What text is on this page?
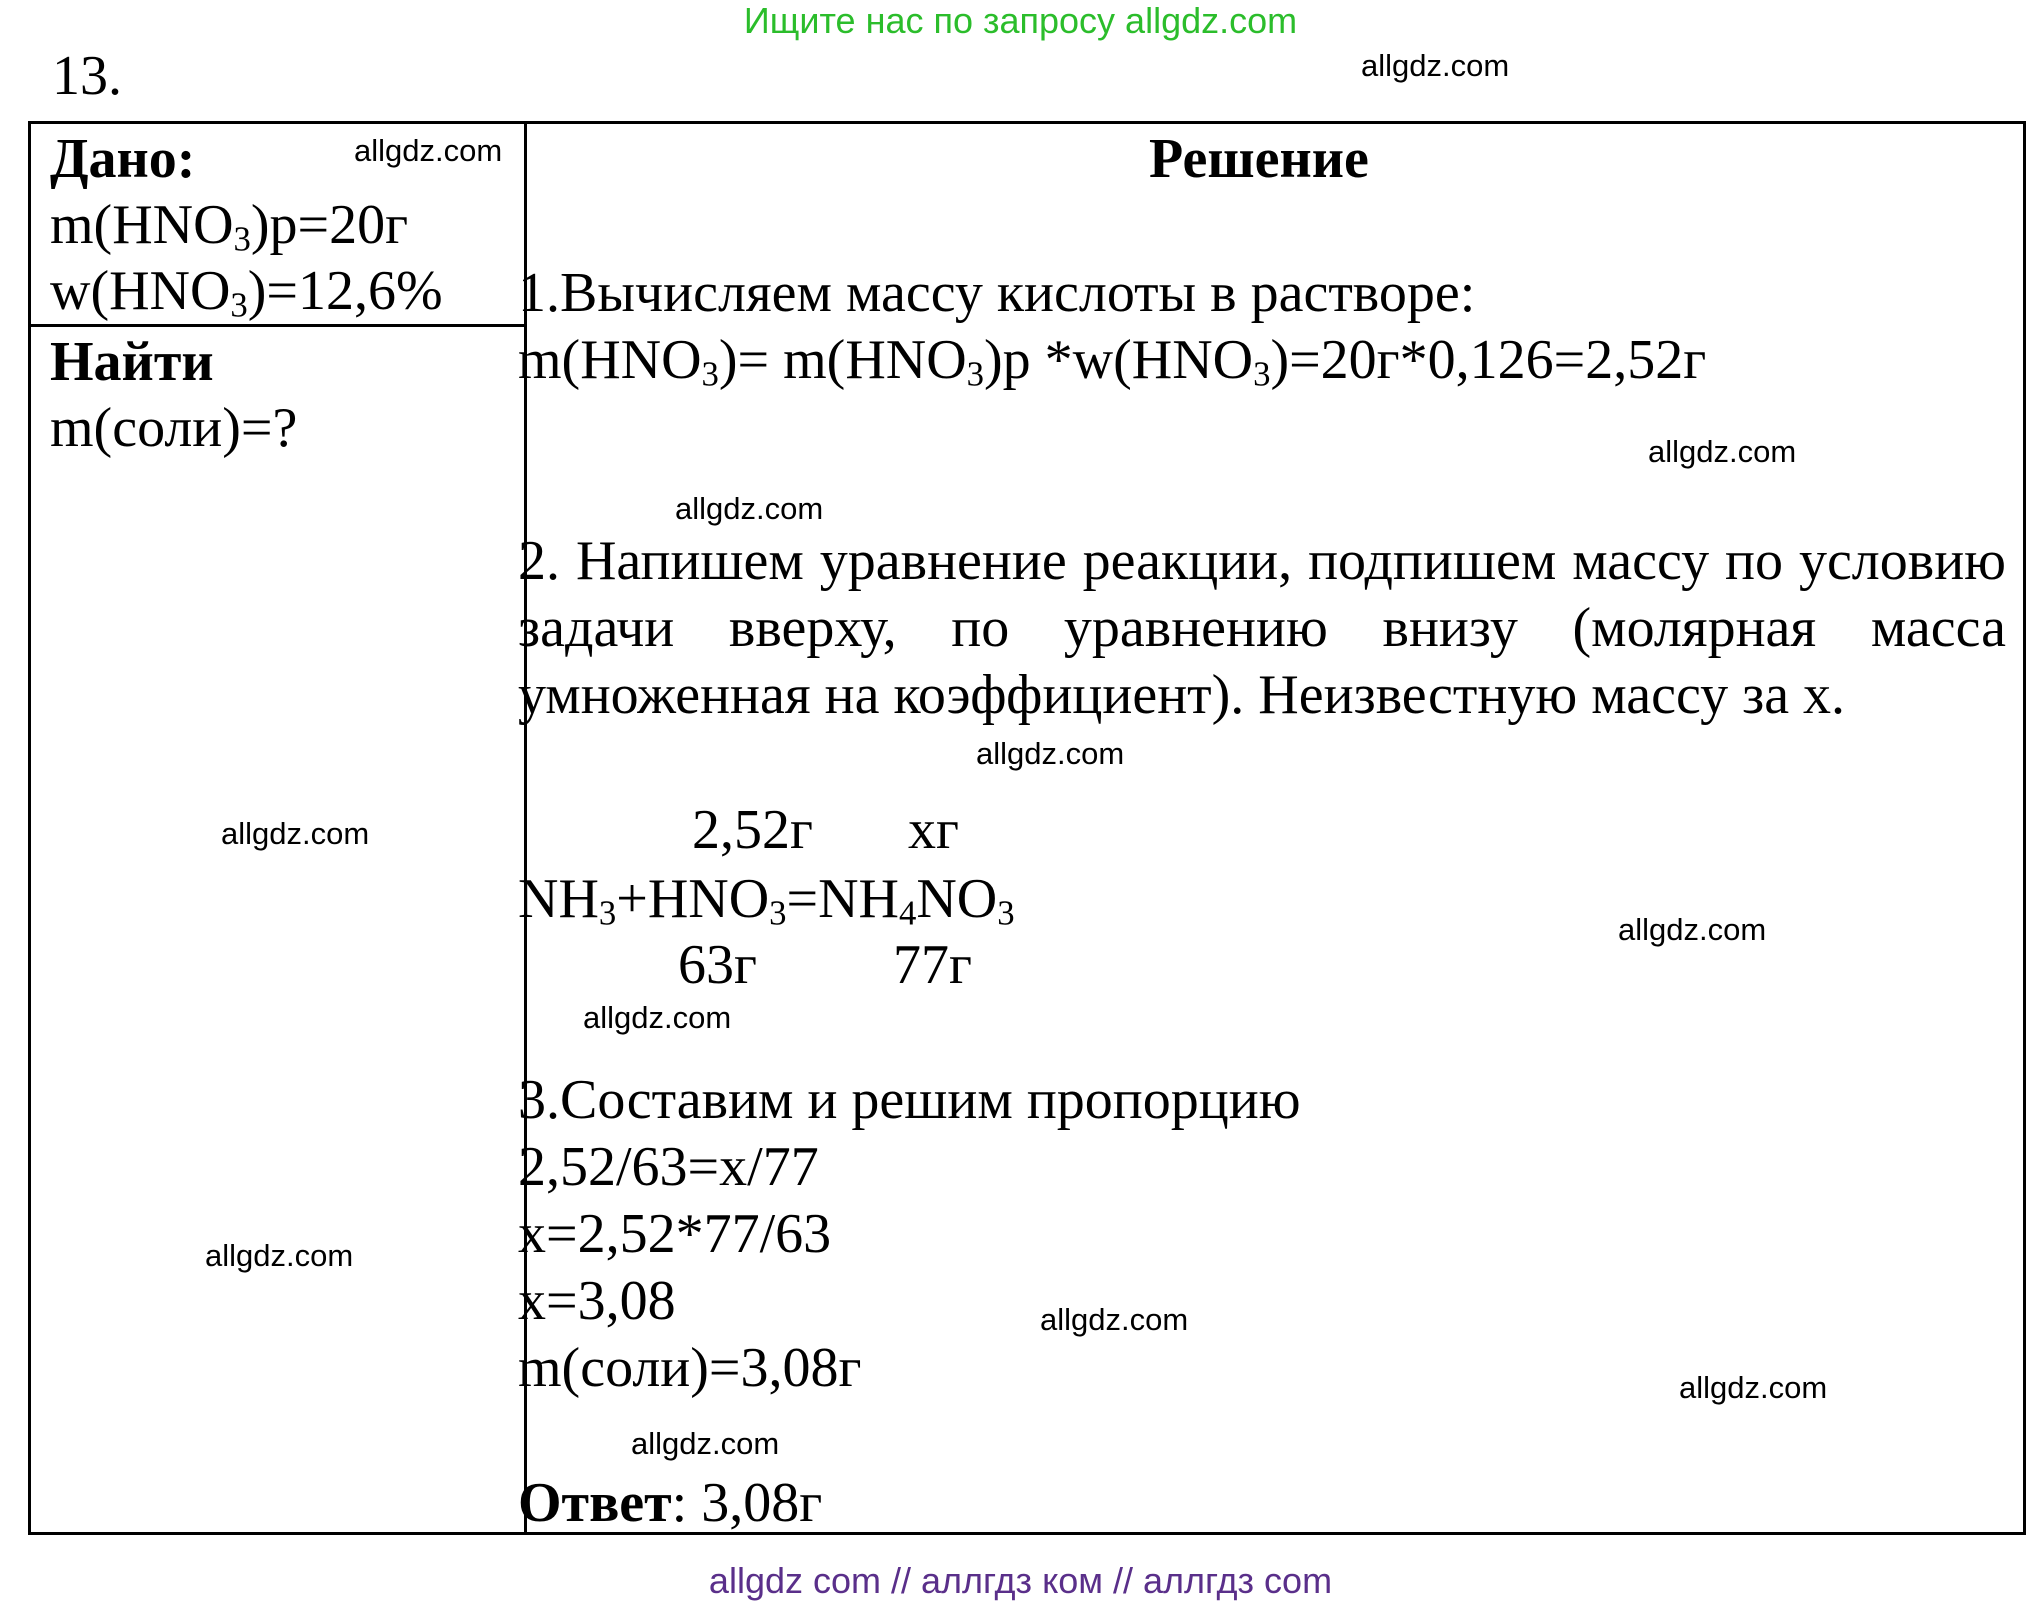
Ищите нас по запросу allgdz.com
13.	allgdz.com
allgdz.com
allgdz.com
allgdz.com
allgdz.com
allgdz.com
allgdz.com
allgdz.com
allgdz.com
allgdz.com
allgdz.com
allgdz.com
Дано:
$m(HNO_3)р=20г$
$w(HNO_3)=12,6\%$
Найти
m(соли)=?
Решение
1.Вычисляем массу кислоты в растворе:
$m(HNO_3)= m(HNO_3)р$ $*w(HNO_3)=20г*0,126=2,52г$
2. Напишем уравнение реакции, подпишем массу по условию задачи вверху, по уравнению внизу (молярная масса умноженная на коэффициент). Неизвестную массу за x.
2,52г xг
$NH_3+HNO_3=NH_4NO_3$
63г 77г
3.Составим и решим пропорцию
2,52/63=x/77
x=2,52*77/63
x=3,08
m(соли)=3,08г
Ответ: 3,08г
allgdz com // аллгдз ком // аллгдз com
